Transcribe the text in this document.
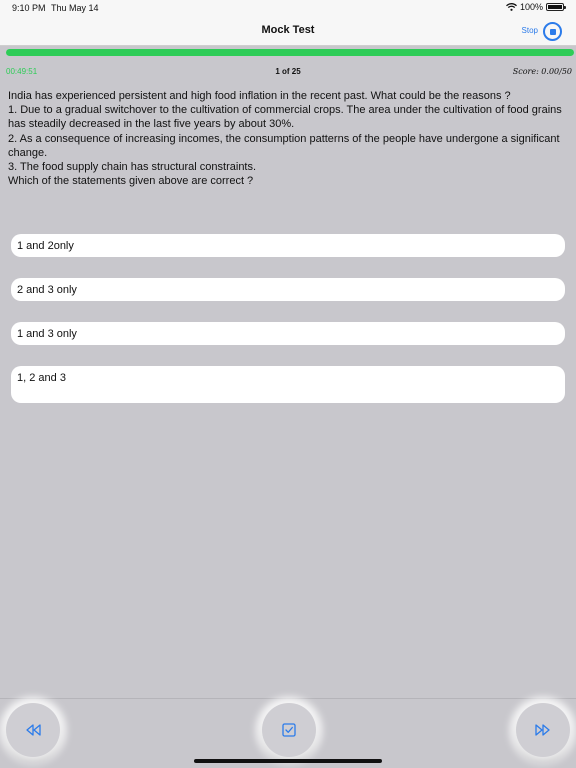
9:10 PM Thu May 14	100%
Mock Test	Stop
00:49:51	1 of 25	Score: 0.00/50

India has experienced persistent and high food inflation in the recent past. What could be the reasons ?

1. Due to a gradual switchover to the cultivation of commercial crops. The area under the cultivation of food grains has steadily decreased in the last five years by about 30%.

2. As a consequence of increasing incomes, the consumption patterns of the people have undergone a significant change.

3. The food supply chain has structural constraints.

Which of the statements given above are correct ?

1 and 2only
2 and 3 only
1 and 3 only
1, 2 and 3
